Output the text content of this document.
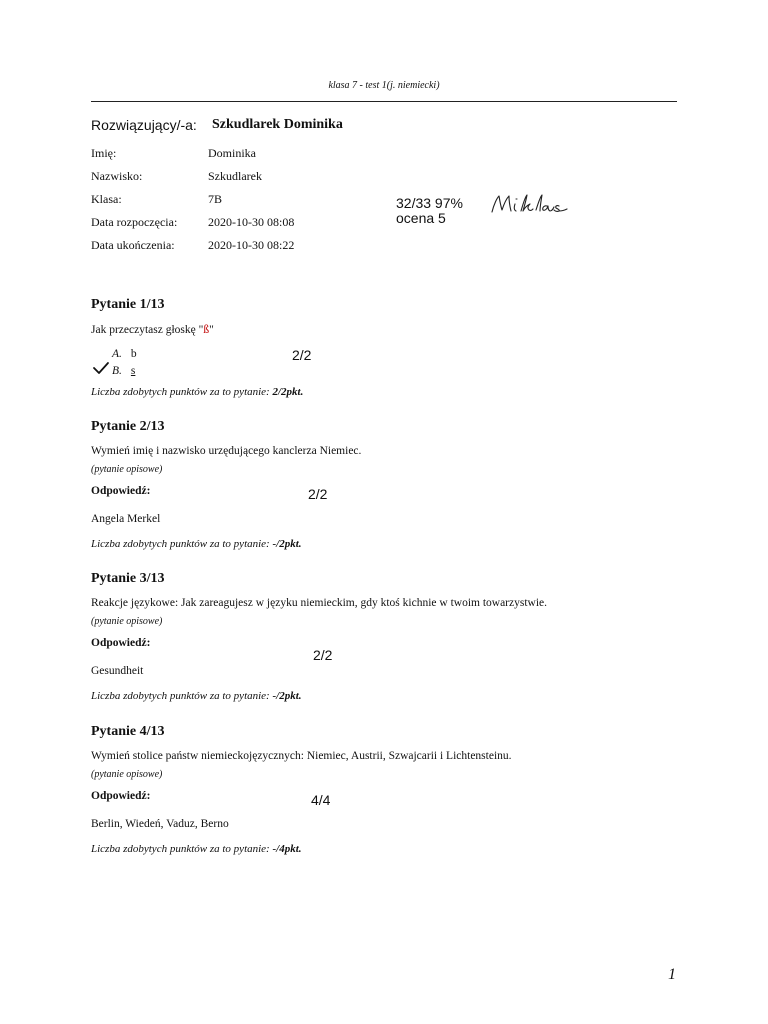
klasa 7 - test 1(j. niemiecki)
Rozwiązujący/-a: Szkudlarek Dominika
Imię:	Dominika
Nazwisko:	Szkudlarek
Klasa:	7B
Data rozpoczęcia:	2020-10-30 08:08
Data ukończenia:	2020-10-30 08:22
32/33 97%
ocena 5
Pytanie 1/13
Jak przeczytasz głoskę "ß"
A. b
B. s
2/2
Liczba zdobytych punktów za to pytanie: 2/2pkt.
Pytanie 2/13
Wymień imię i nazwisko urzędującego kanclerza Niemiec.
(pytanie opisowe)
Odpowiedź:	2/2
Angela Merkel
Liczba zdobytych punktów za to pytanie: -/2pkt.
Pytanie 3/13
Reakcje językowe: Jak zareagujesz w języku niemieckim, gdy ktoś kichnie w twoim towarzystwie.
(pytanie opisowe)
Odpowiedź:
2/2
Gesundheit
Liczba zdobytych punktów za to pytanie: -/2pkt.
Pytanie 4/13
Wymień stolice państw niemieckojęzycznych: Niemiec, Austrii, Szwajcarii i Lichtensteinu.
(pytanie opisowe)
Odpowiedź:	4/4
Berlin, Wiedeń, Vaduz, Berno
Liczba zdobytych punktów za to pytanie: -/4pkt.
1
